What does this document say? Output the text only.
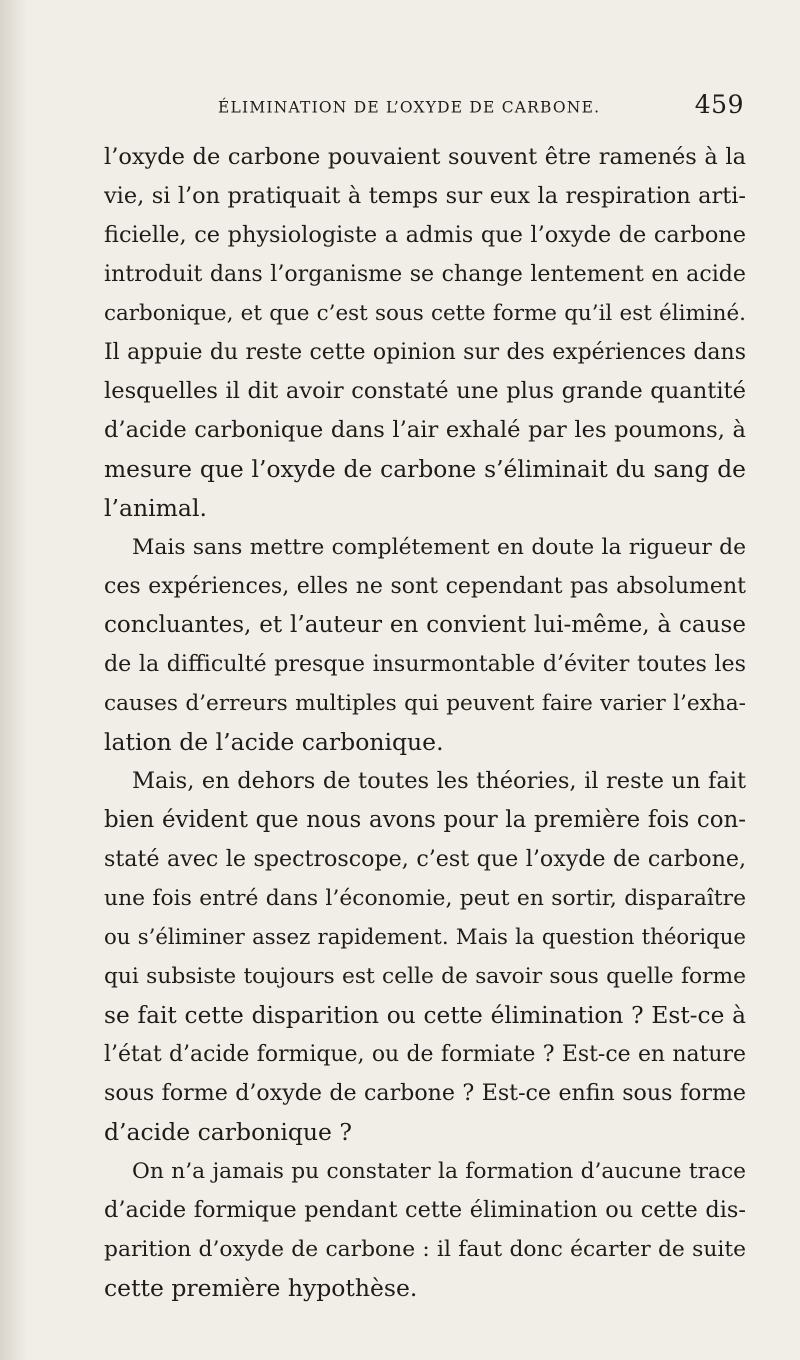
ÉLIMINATION DE L’OXYDE DE CARBONE.	459
l’oxyde de carbone pouvaient souvent être ramenés à la
vie, si l’on pratiquait à temps sur eux la respiration arti-
ficielle, ce physiologiste a admis que l’oxyde de carbone
introduit dans l’organisme se change lentement en acide
carbonique, et que c’est sous cette forme qu’il est éliminé.
Il appuie du reste cette opinion sur des expériences dans
lesquelles il dit avoir constaté une plus grande quantité
d’acide carbonique dans l’air exhalé par les poumons, à
mesure que l’oxyde de carbone s’éliminait du sang de
l’animal.
Mais sans mettre complétement en doute la rigueur de
ces expériences, elles ne sont cependant pas absolument
concluantes, et l’auteur en convient lui-même, à cause
de la difficulté presque insurmontable d’éviter toutes les
causes d’erreurs multiples qui peuvent faire varier l’exha-
lation de l’acide carbonique.
Mais, en dehors de toutes les théories, il reste un fait
bien évident que nous avons pour la première fois con-
staté avec le spectroscope, c’est que l’oxyde de carbone,
une fois entré dans l’économie, peut en sortir, disparaître
ou s’éliminer assez rapidement. Mais la question théorique
qui subsiste toujours est celle de savoir sous quelle forme
se fait cette disparition ou cette élimination ? Est-ce à
l’état d’acide formique, ou de formiate ? Est-ce en nature
sous forme d’oxyde de carbone ? Est-ce enfin sous forme
d’acide carbonique ?
On n’a jamais pu constater la formation d’aucune trace
d’acide formique pendant cette élimination ou cette dis-
parition d’oxyde de carbone : il faut donc écarter de suite
cette première hypothèse.
